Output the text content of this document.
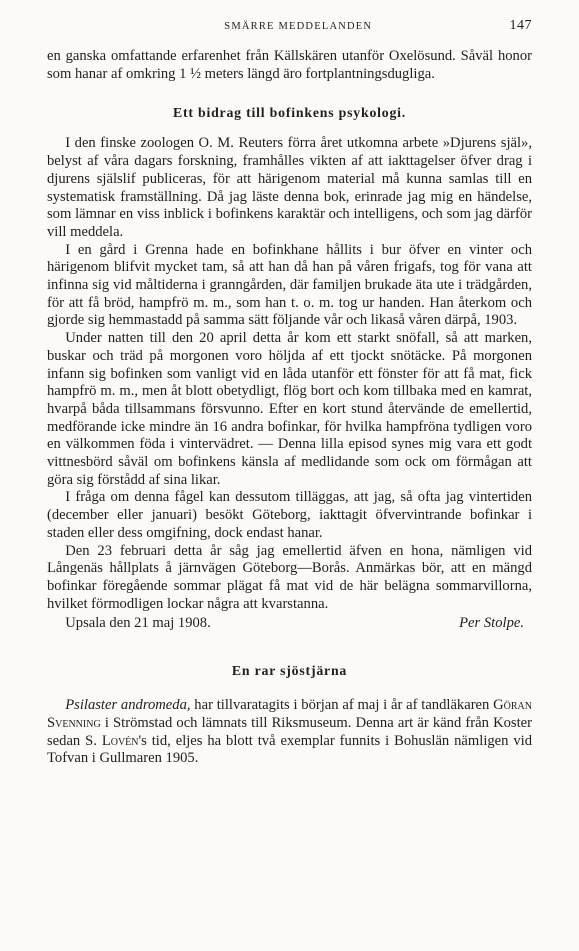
SMÄRRE MEDDELANDEN	147

en ganska omfattande erfarenhet från Källskären utanför Oxelösund. Såväl honor som hanar af omkring 1 ½ meters längd äro fortplantningsdugliga.

Ett bidrag till bofinkens psykologi.

I den finske zoologen O. M. Reuters förra året utkomna arbete »Djurens själ», belyst af våra dagars forskning, framhålles vikten af att iakttagelser öfver drag i djurens själslif publiceras, för att härigenom material må kunna samlas till en systematisk framställning. Då jag läste denna bok, erinrade jag mig en händelse, som lämnar en viss inblick i bofinkens karaktär och intelligens, och som jag därför vill meddela.

I en gård i Grenna hade en bofinkhane hållits i bur öfver en vinter och härigenom blifvit mycket tam, så att han då han på våren frigafs, tog för vana att infinna sig vid måltiderna i granngården, där familjen brukade äta ute i trädgården, för att få bröd, hampfrö m. m., som han t. o. m. tog ur handen. Han återkom och gjorde sig hemmastadd på samma sätt följande vår och likaså våren därpå, 1903.

Under natten till den 20 april detta år kom ett starkt snöfall, så att marken, buskar och träd på morgonen voro höljda af ett tjockt snötäcke. På morgonen infann sig bofinken som vanligt vid en låda utanför ett fönster för att få mat, fick hampfrö m. m., men åt blott obetydligt, flög bort och kom tillbaka med en kamrat, hvarpå båda tillsammans försvunno. Efter en kort stund återvände de emellertid, medförande icke mindre än 16 andra bofinkar, för hvilka hampfröna tydligen voro en välkommen föda i vintervädret. — Denna lilla episod synes mig vara ett godt vittnesbörd såväl om bofinkens känsla af medlidande som ock om förmågan att göra sig förstådd af sina likar.

I fråga om denna fågel kan dessutom tilläggas, att jag, så ofta jag vintertiden (december eller januari) besökt Göteborg, iakttagit öfvervintrande bofinkar i staden eller dess omgifning, dock endast hanar.

Den 23 februari detta år såg jag emellertid äfven en hona, nämligen vid Långenäs hållplats å järnvägen Göteborg—Borås. Anmärkas bör, att en mängd bofinkar föregående sommar plägat få mat vid de här belägna sommarvillorna, hvilket förmodligen lockar några att kvarstanna.

Upsala den 21 maj 1908.	Per Stolpe.
En rar sjöstjärna

Psilaster andromeda, har tillvaratagits i början af maj i år af tandläkaren Göran Svenning i Strömstad och lämnats till Riksmuseum. Denna art är känd från Koster sedan S. Lovén's tid, eljes ha blott två exemplar funnits i Bohuslän nämligen vid Tofvan i Gullmaren 1905.
